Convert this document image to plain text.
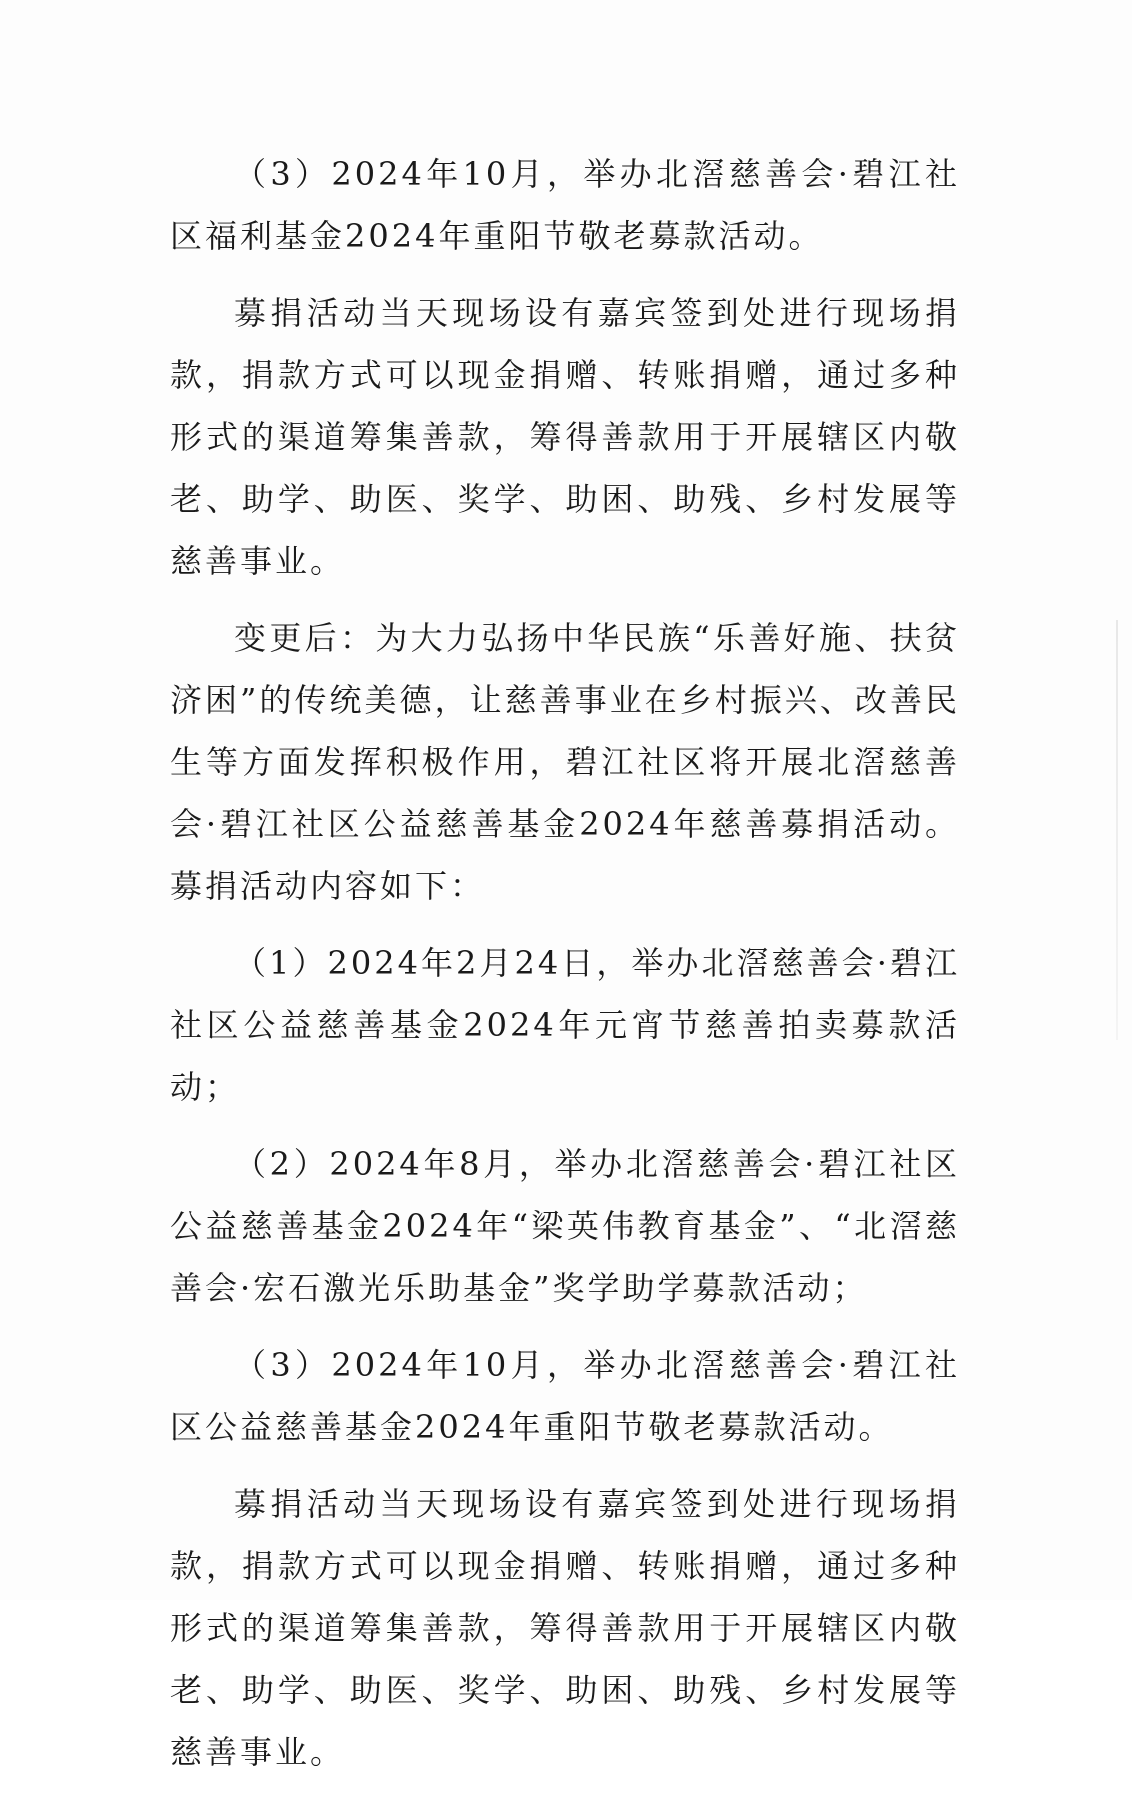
（3）2024年10月，举办北滘慈善会·碧江社区福利基金2024年重阳节敬老募款活动。

募捐活动当天现场设有嘉宾签到处进行现场捐款，捐款方式可以现金捐赠、转账捐赠，通过多种形式的渠道筹集善款，筹得善款用于开展辖区内敬老、助学、助医、奖学、助困、助残、乡村发展等慈善事业。

变更后：为大力弘扬中华民族“乐善好施、扶贫济困”的传统美德，让慈善事业在乡村振兴、改善民生等方面发挥积极作用，碧江社区将开展北滘慈善会·碧江社区公益慈善基金2024年慈善募捐活动。募捐活动内容如下：

（1）2024年2月24日，举办北滘慈善会·碧江社区公益慈善基金2024年元宵节慈善拍卖募款活动；

（2）2024年8月，举办北滘慈善会·碧江社区公益慈善基金2024年“梁英伟教育基金”、“北滘慈善会·宏石激光乐助基金”奖学助学募款活动；

（3）2024年10月，举办北滘慈善会·碧江社区公益慈善基金2024年重阳节敬老募款活动。

募捐活动当天现场设有嘉宾签到处进行现场捐款，捐款方式可以现金捐赠、转账捐赠，通过多种形式的渠道筹集善款，筹得善款用于开展辖区内敬老、助学、助医、奖学、助困、助残、乡村发展等慈善事业。
